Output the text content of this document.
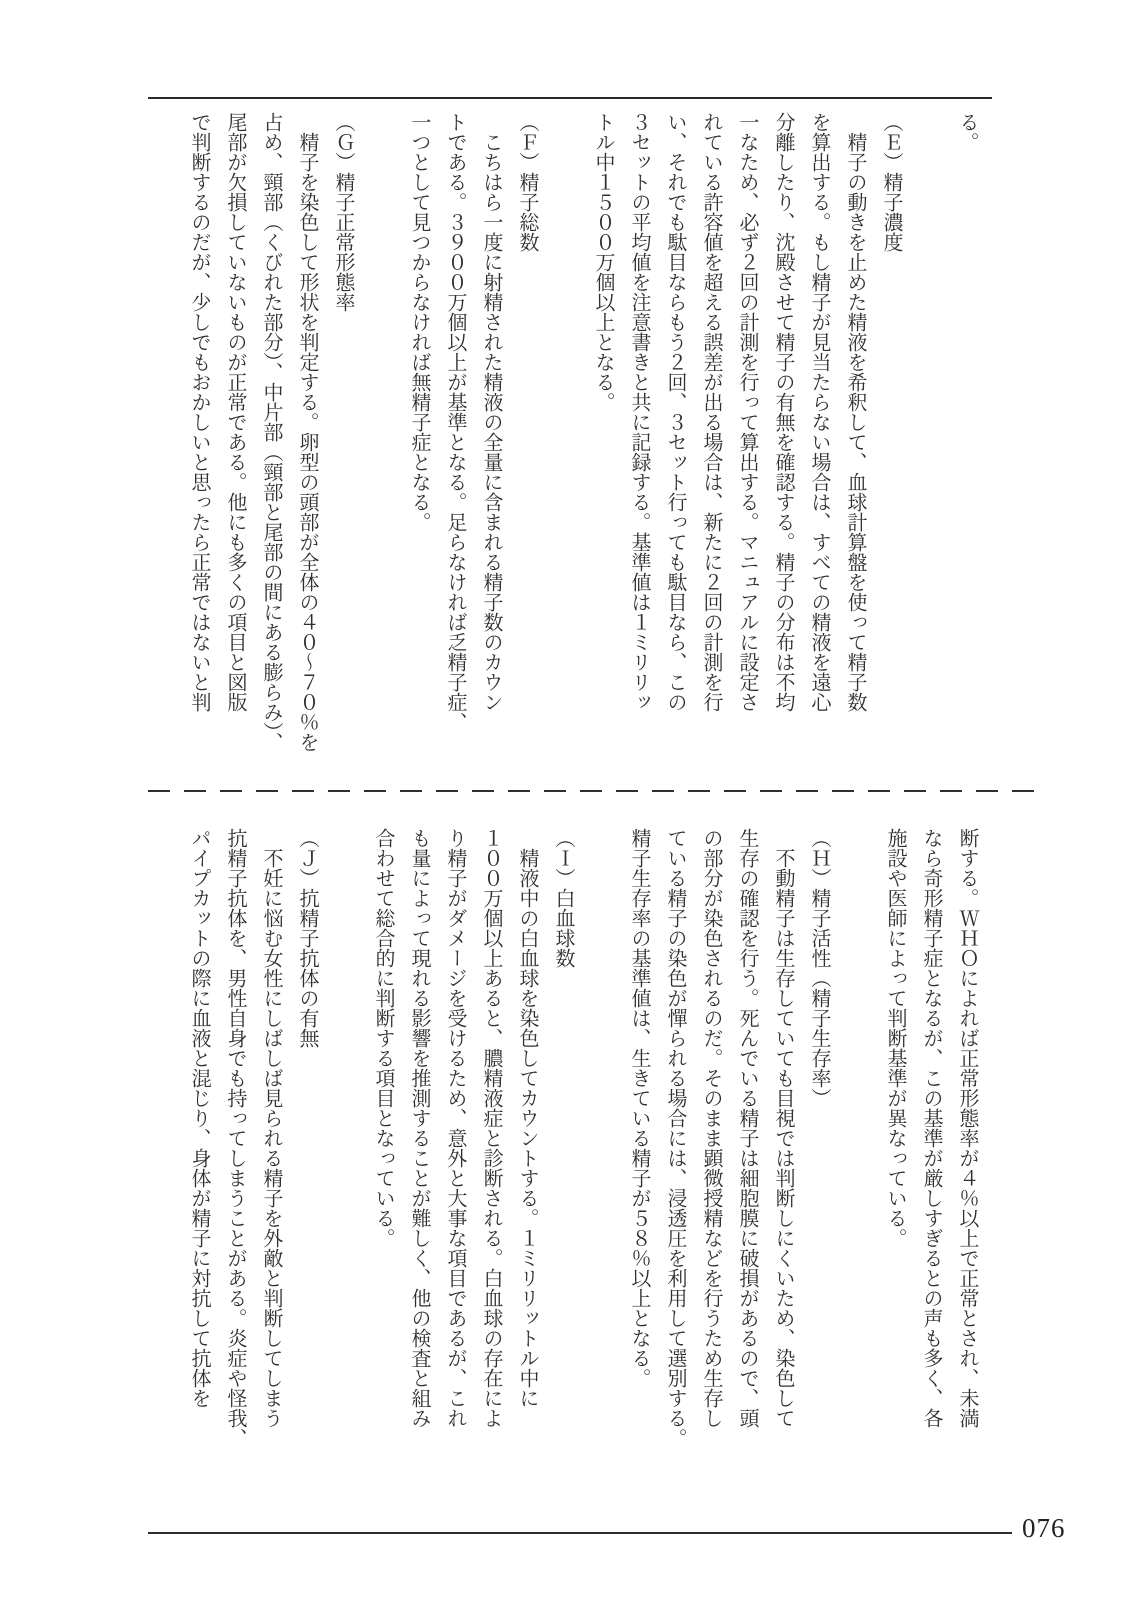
る。
（Ｅ）精子濃度
　精子の動きを止めた精液を希釈して、血球計算盤を使って精子数
を算出する。もし精子が見当たらない場合は、すべての精液を遠心
分離したり、沈殿させて精子の有無を確認する。精子の分布は不均
一なため、必ず２回の計測を行って算出する。マニュアルに設定さ
れている許容値を超える誤差が出る場合は、新たに２回の計測を行
い、それでも駄目ならもう２回、３セット行っても駄目なら、この
３セットの平均値を注意書きと共に記録する。基準値は１ミリリッ
トル中１５００万個以上となる。
（Ｆ）精子総数
　こちはら一度に射精された精液の全量に含まれる精子数のカウン
トである。３９００万個以上が基準となる。足らなければ乏精子症、
一つとして見つからなければ無精子症となる。
（Ｇ）精子正常形態率
　精子を染色して形状を判定する。卵型の頭部が全体の４０～７０％を
占め、頸部（くびれた部分）、中片部（頸部と尾部の間にある膨らみ）、
尾部が欠損していないものが正常である。他にも多くの項目と図版
で判断するのだが、少しでもおかしいと思ったら正常ではないと判
断する。ＷＨＯによれば正常形態率が４％以上で正常とされ、未満
なら奇形精子症となるが、この基準が厳しすぎるとの声も多く、各
施設や医師によって判断基準が異なっている。
（Ｈ）精子活性（精子生存率）
　不動精子は生存していても目視では判断しにくいため、染色して
生存の確認を行う。死んでいる精子は細胞膜に破損があるので、頭
の部分が染色されるのだ。そのまま顕微授精などを行うため生存し
ている精子の染色が憚られる場合には、浸透圧を利用して選別する。
精子生存率の基準値は、生きている精子が５８％以上となる。
（Ｉ）白血球数
　精液中の白血球を染色してカウントする。１ミリリットル中に
１００万個以上あると、膿精液症と診断される。白血球の存在によ
り精子がダメージを受けるため、意外と大事な項目であるが、これ
も量によって現れる影響を推測することが難しく、他の検査と組み
合わせて総合的に判断する項目となっている。
（Ｊ）抗精子抗体の有無
　不妊に悩む女性にしばしば見られる精子を外敵と判断してしまう
抗精子抗体を、男性自身でも持ってしまうことがある。炎症や怪我、
パイプカットの際に血液と混じり、身体が精子に対抗して抗体を
076
